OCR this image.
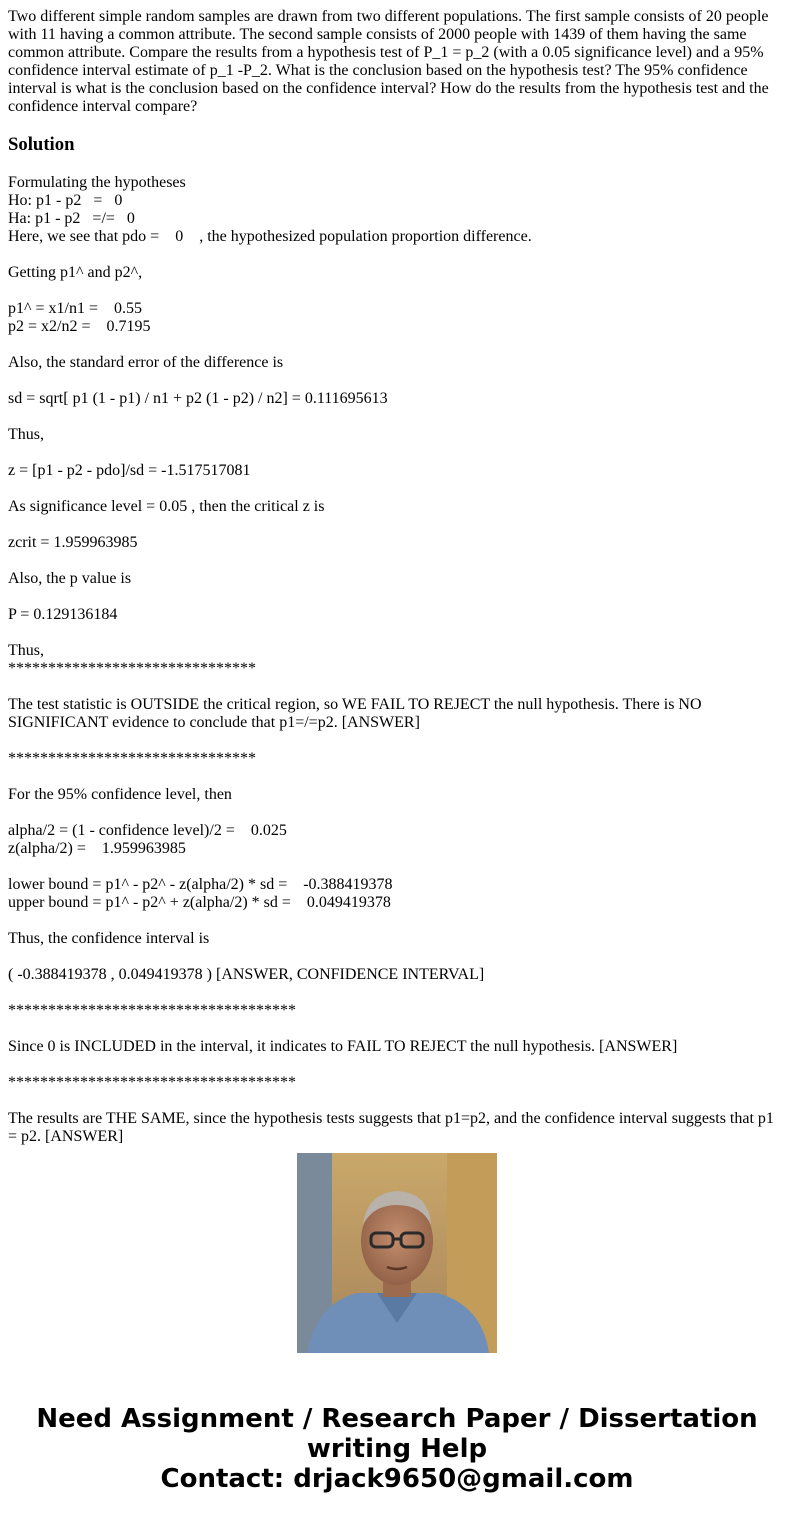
Two different simple random samples are drawn from two different populations. The first sample consists of 20 people with 11 having a common attribute. The second sample consists of 2000 people with 1439 of them having the same common attribute. Compare the results from a hypothesis test of P_1 = p_2 (with a 0.05 significance level) and a 95% confidence interval estimate of p_1 -P_2. What is the conclusion based on the hypothesis test? The 95% confidence interval is what is the conclusion based on the confidence interval? How do the results from the hypothesis test and the confidence interval compare?
Solution
Formulating the hypotheses
Ho: p1 - p2   =   0
Ha: p1 - p2   =/=   0
Here, we see that pdo =    0    , the hypothesized population proportion difference.
Getting p1^ and p2^,
p1^ = x1/n1 =    0.55
p2 = x2/n2 =    0.7195
Also, the standard error of the difference is
sd = sqrt[ p1 (1 - p1) / n1 + p2 (1 - p2) / n2] = 0.111695613
Thus,
z = [p1 - p2 - pdo]/sd = -1.517517081
As significance level = 0.05 , then the critical z is
zcrit = 1.959963985
Also, the p value is
P = 0.129136184
Thus,
*******************************
The test statistic is OUTSIDE the critical region, so WE FAIL TO REJECT the null hypothesis. There is NO SIGNIFICANT evidence to conclude that p1=/=p2. [ANSWER]
*******************************
For the 95% confidence level, then
alpha/2 = (1 - confidence level)/2 =    0.025
z(alpha/2) =    1.959963985
lower bound = p1^ - p2^ - z(alpha/2) * sd =    -0.388419378
upper bound = p1^ - p2^ + z(alpha/2) * sd =    0.049419378
Thus, the confidence interval is
( -0.388419378 , 0.049419378 ) [ANSWER, CONFIDENCE INTERVAL]
************************************
Since 0 is INCLUDED in the interval, it indicates to FAIL TO REJECT the null hypothesis. [ANSWER]
************************************
The results are THE SAME, since the hypothesis tests suggests that p1=p2, and the confidence interval suggests that p1 = p2. [ANSWER]
Need Assignment / Research Paper / Dissertation
writing Help
Contact: drjack9650@gmail.com
